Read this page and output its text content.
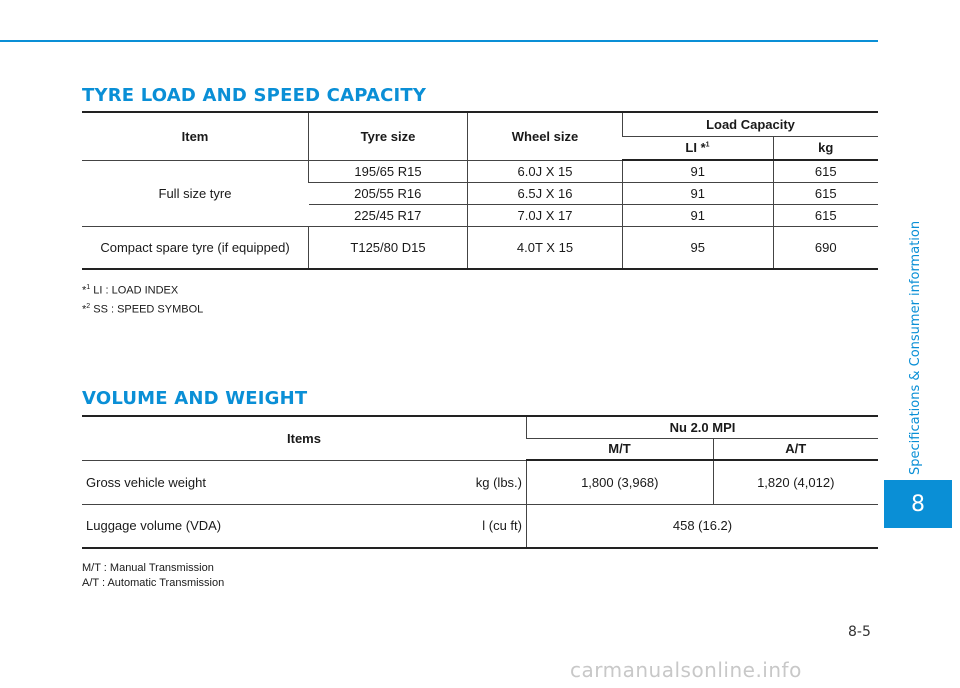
TYRE LOAD AND SPEED CAPACITY
Item	Tyre size	Wheel size	Load Capacity	
			LI *$^1$	kg
Full size tyre	195/65 R15	6.0J X 15	91	615
	205/55 R16	6.5J X 16	91	615
	225/45 R17	7.0J X 17	91	615
Compact spare tyre (if equipped)	T125/80 D15	4.0T X 15	95	690
*$^1$ LI : LOAD INDEX
*$^2$ SS : SPEED SYMBOL
VOLUME AND WEIGHT
Items	Nu 2.0 MPI	
	M/T	A/T

Gross vehicle weight kg (lbs.)	1,800 (3,968)	1,820 (4,012)

Luggage volume (VDA) l (cu ft)	458 (16.2)	
M/T : Manual Transmission
A/T : Automatic Transmission
Specifications & Consumer information
8
8-5
carmanualsonline.info
